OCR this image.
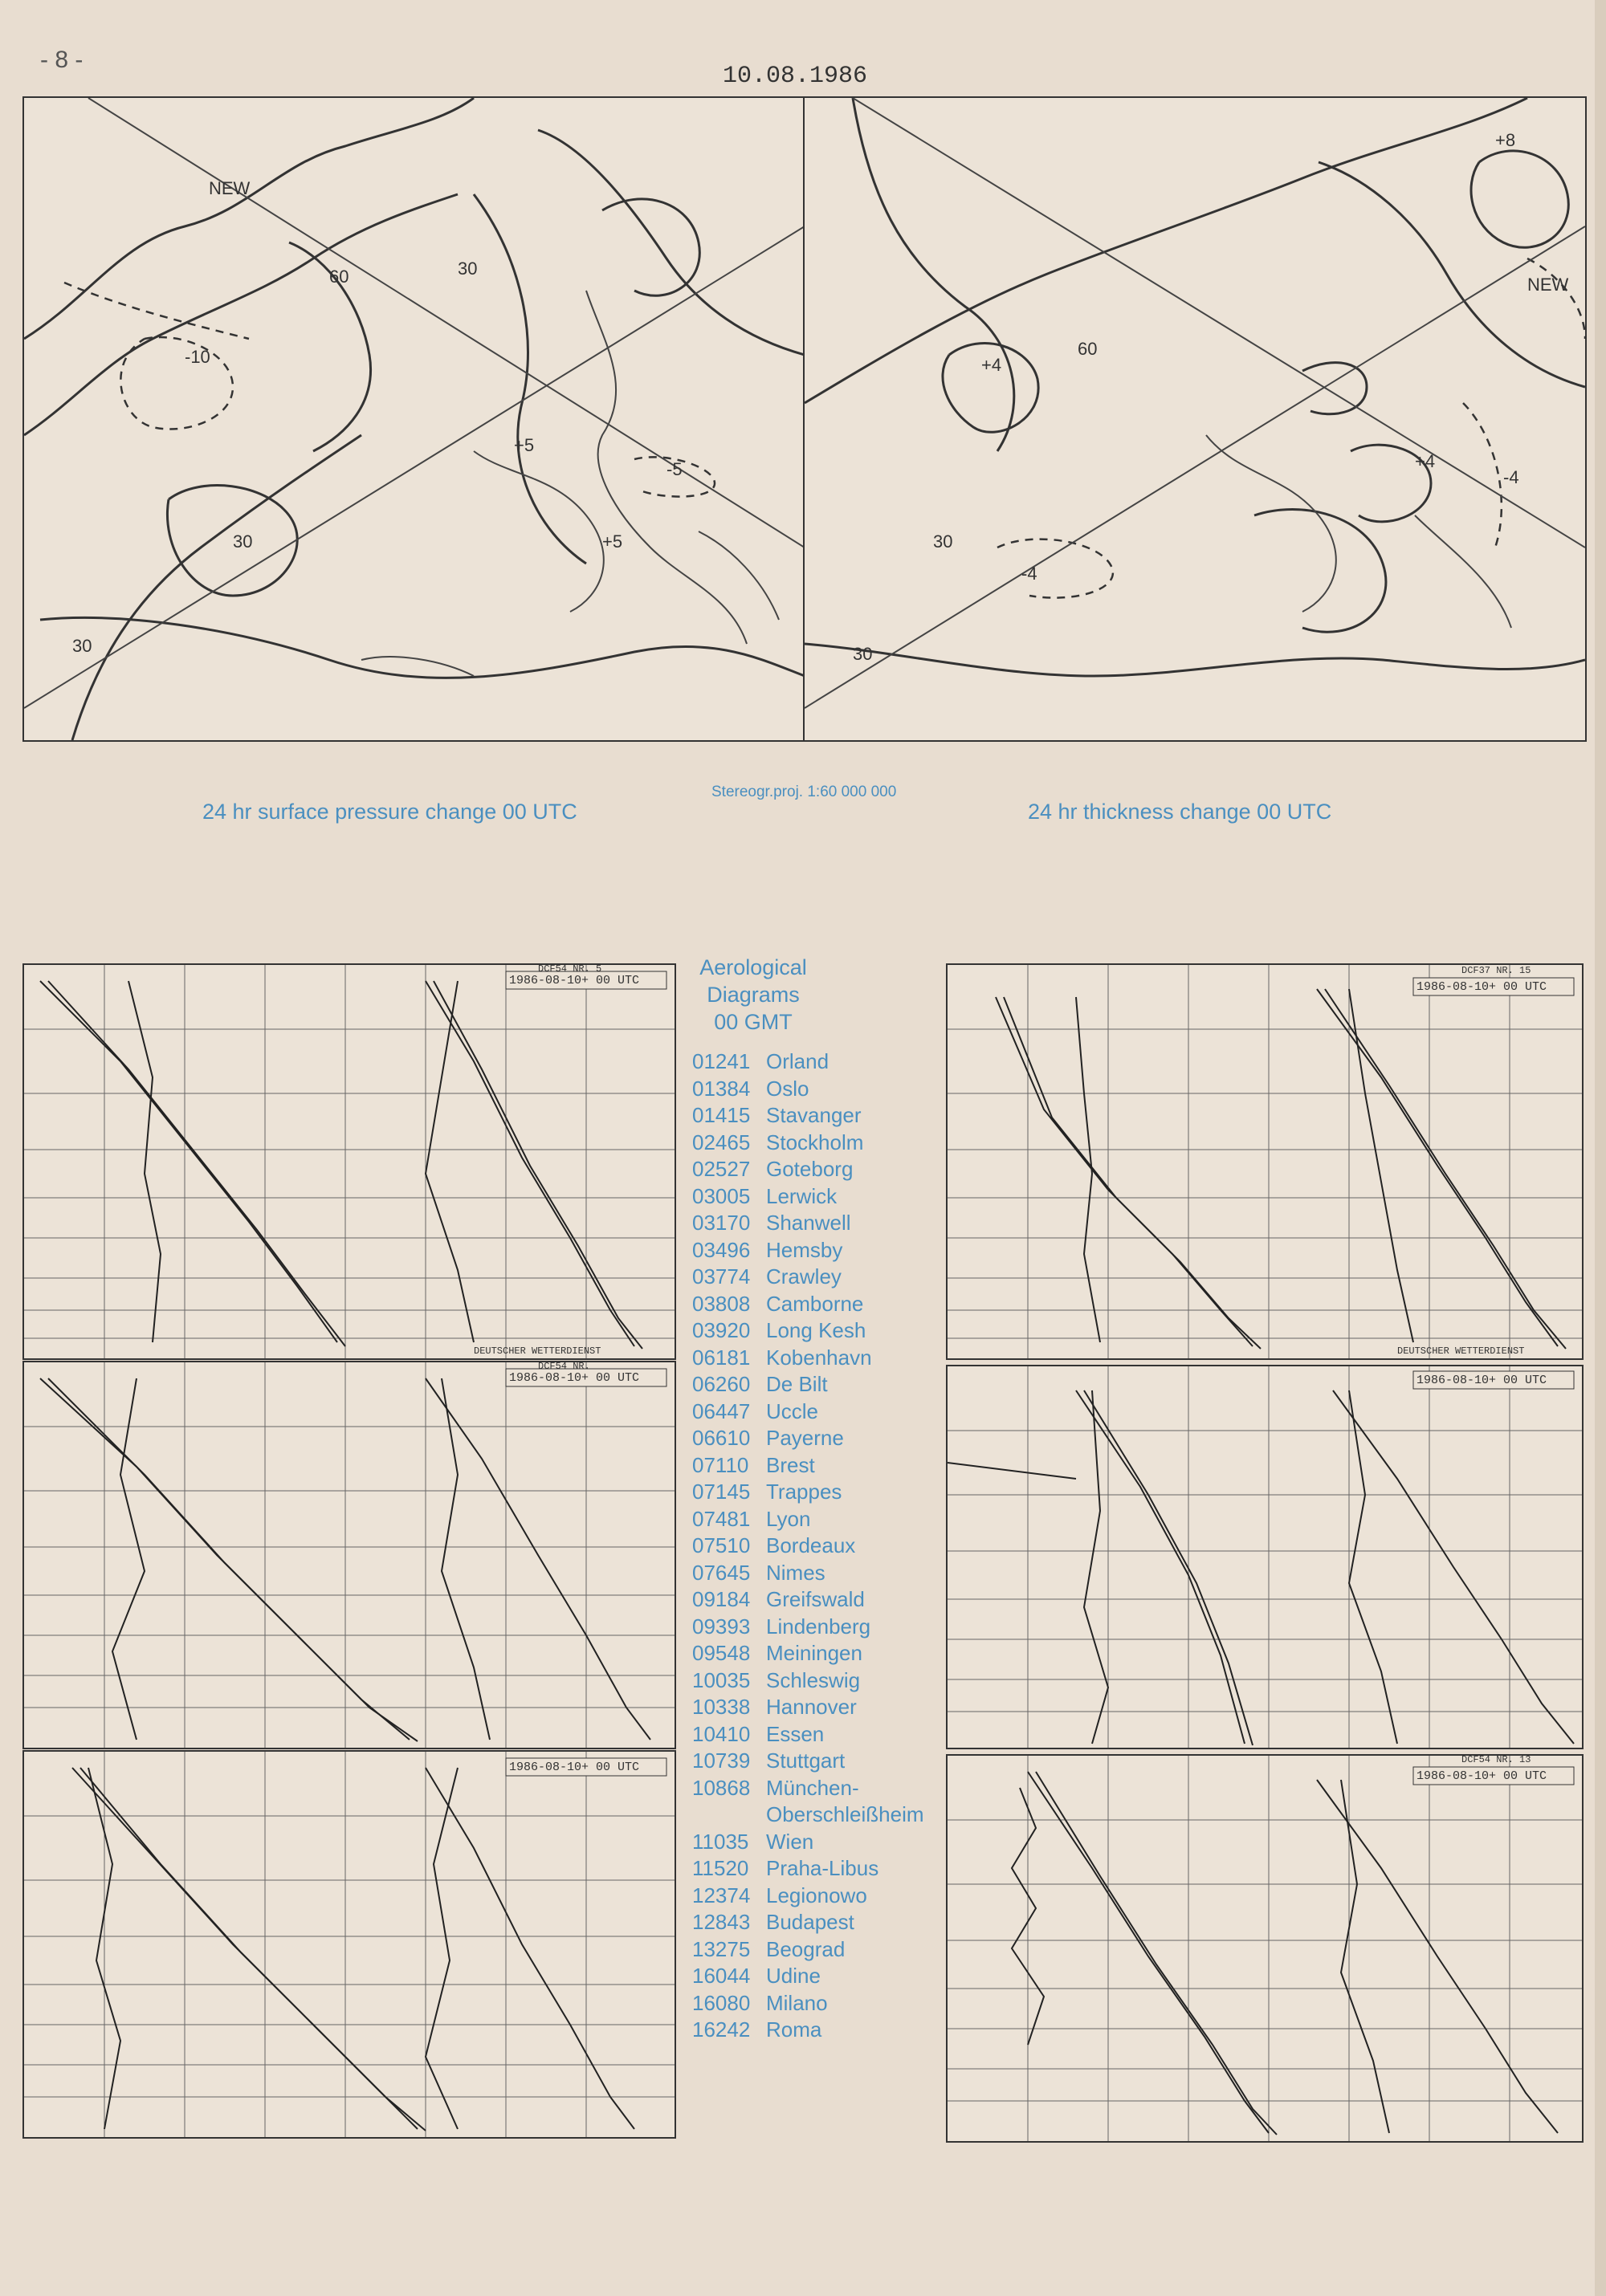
- 8 -
10.08.1986
NEW
60	30
30
30
+5
+5
-10
-5
NEW
60
30
30
+4
+4
-4
-4
+8
Stereogr.proj. 1:60 000 000
24 hr surface pressure change 00 UTC	24 hr thickness change 00 UTC
1986-08-10+ 00 UTC
DCF54 NR. 5
DEUTSCHER WETTERDIENST
1986-08-10+ 00 UTC
DCF54 NR.
1986-08-10+ 00 UTC
1986-08-10+ 00 UTC
DCF37 NR. 15
DEUTSCHER WETTERDIENST
1986-08-10+ 00 UTC
1986-08-10+ 00 UTC
DCF54 NR. 13
Aerological
Diagrams
00 GMT
01241 Orland
01384 Oslo
01415 Stavanger
02465 Stockholm
02527 Goteborg
03005 Lerwick
03170 Shanwell
03496 Hemsby
03774 Crawley
03808 Camborne
03920 Long Kesh
06181 Kobenhavn
06260 De Bilt
06447 Uccle
06610 Payerne
07110 Brest
07145 Trappes
07481 Lyon
07510 Bordeaux
07645 Nimes
09184 Greifswald
09393 Lindenberg
09548 Meiningen
10035 Schleswig
10338 Hannover
10410 Essen
10739 Stuttgart
10868 München-
Oberschleißheim
11035 Wien
11520 Praha-Libus
12374 Legionowo
12843 Budapest
13275 Beograd
16044 Udine
16080 Milano
16242 Roma
